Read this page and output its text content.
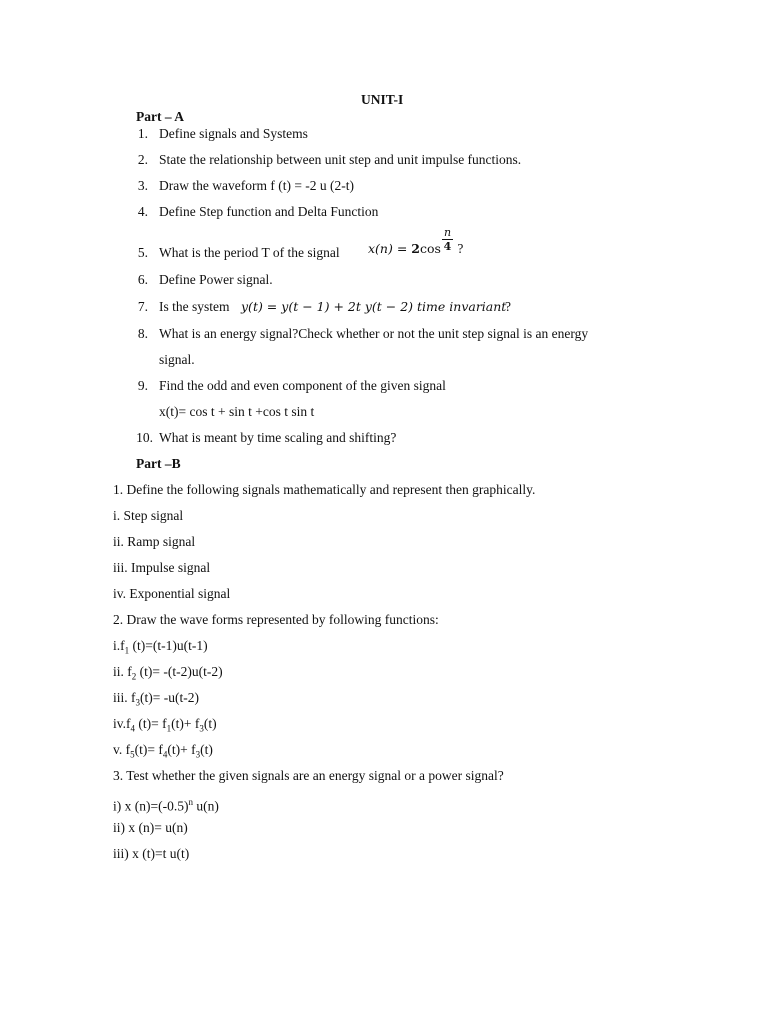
UNIT-I
Part – A
1. Define signals and Systems
2. State the relationship between unit step and unit impulse functions.
3. Draw the waveform f (t) = -2 u (2-t)
4. Define Step function and Delta Function
5. What is the period T of the signal $x(n) = 2\cos \frac{n}{4}$ ?
6. Define Power signal.
7. Is the system y(t) = y(t − 1) + 2t y(t − 2) time invariant
?
8. What is an energy signal?Check whether or not the unit step signal is an energy
signal.
9. Find the odd and even component of the given signal
x(t)= cos t + sin t +cos t sin t
10. What is meant by time scaling and shifting?
Part –B
1. Define the following signals mathematically and represent then graphically.
i. Step signal
ii. Ramp signal
iii. Impulse signal
iv. Exponential signal
2. Draw the wave forms represented by following functions:
$i.f_1$ (t)=(t-1)u(t-1)
ii. $f_2$ (t)= -(t-2)u(t-2)
iii. $f_3(t)= -u(t-2)$
$iv.f_4$ $(t)= f_1(t)+ f_3(t)$
v. $f_5(t)= f_4(t)+ f_3(t)$
3. Test whether the given signals are an energy signal or a power signal?
i) x $(n)=(-0.5)^n$ u(n)
ii) x (n)= u(n)
iii) x (t)=t u(t)
